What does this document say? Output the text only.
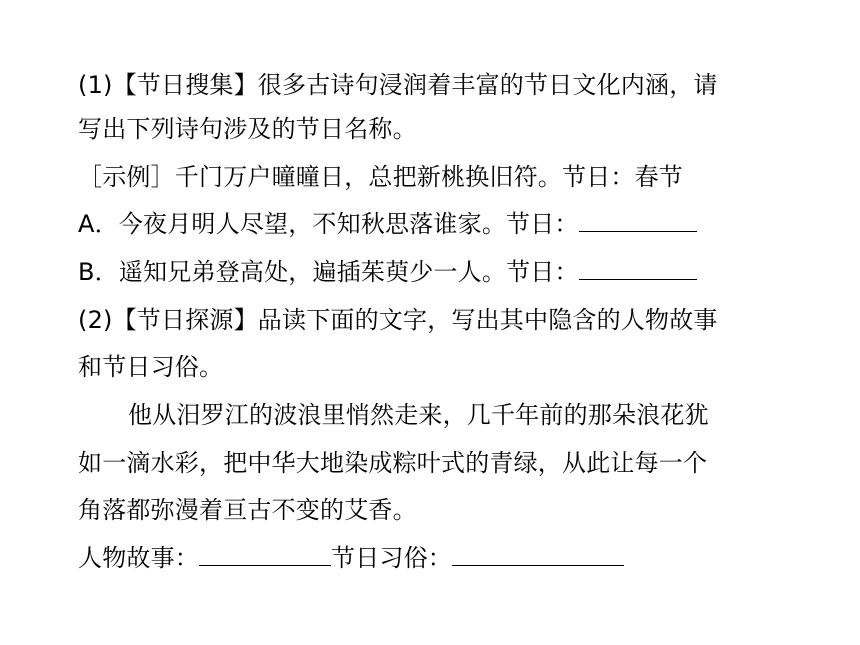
(1)【节日搜集】很多古诗句浸润着丰富的节日文化内涵，请
写出下列诗句涉及的节日名称。
［示例］千门万户曈曈日，总把新桃换旧符。节日：春节
A．今夜月明人尽望，不知秋思落谁家。节日：
B．遥知兄弟登高处，遍插茱萸少一人。节日：
(2)【节日探源】品读下面的文字，写出其中隐含的人物故事
和节日习俗。
他从汨罗江的波浪里悄然走来，几千年前的那朵浪花犹
如一滴水彩，把中华大地染成粽叶式的青绿，从此让每一个
角落都弥漫着亘古不变的艾香。
人物故事：	节日习俗：
